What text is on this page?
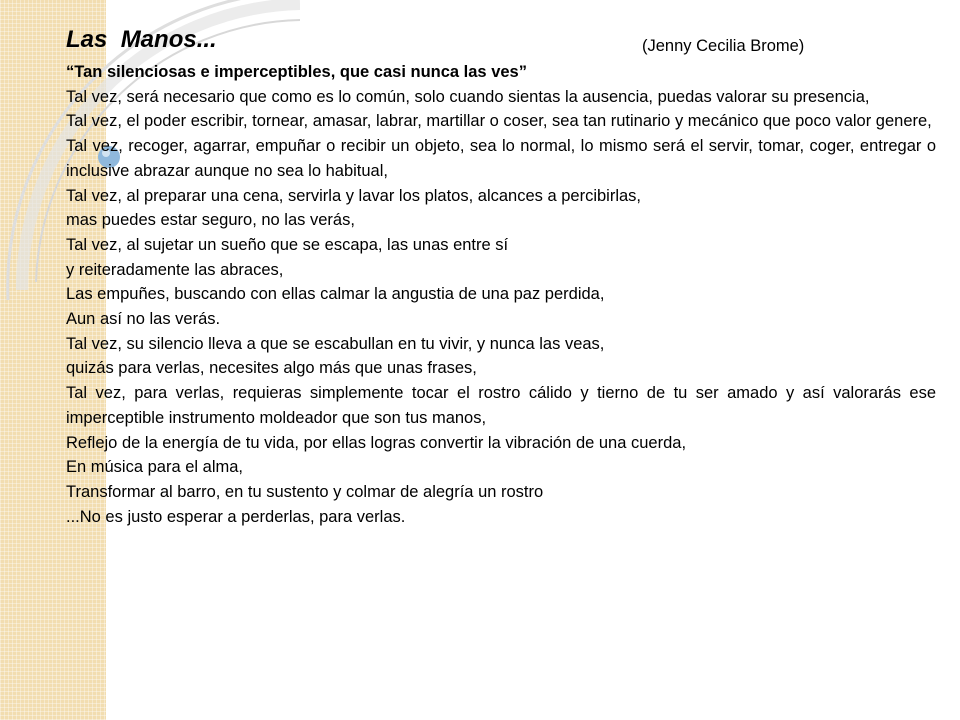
Las  Manos...	(Jenny Cecilia Brome)

“Tan silenciosas e imperceptibles, que casi nunca las ves”

Tal vez, será necesario que como es lo común, solo cuando sientas la ausencia, puedas valorar su presencia,

Tal vez, el poder escribir, tornear, amasar, labrar, martillar o coser, sea tan rutinario y mecánico que poco valor genere,

Tal vez, recoger, agarrar, empuñar o recibir un objeto, sea lo normal, lo mismo será el servir, tomar, coger, entregar o inclusive abrazar aunque no sea lo habitual,

Tal vez, al preparar una cena, servirla y lavar los platos, alcances a percibirlas,

mas puedes estar seguro, no las verás,

Tal vez, al sujetar un sueño que se escapa, las unas entre sí

y reiteradamente las abraces,

Las empuñes, buscando con ellas calmar la angustia de una paz perdida,

Aun así no las verás.

Tal vez, su silencio lleva a que se escabullan en tu vivir, y nunca las veas,

quizás para verlas, necesites algo más que unas frases,

Tal vez, para verlas, requieras simplemente tocar el rostro cálido y tierno de tu ser amado y así valorarás ese imperceptible instrumento moldeador que son tus manos,

Reflejo de la energía de tu vida, por ellas logras convertir la vibración de una cuerda,

En música para el alma,

Transformar al barro, en tu sustento y colmar de alegría un rostro

...No es justo esperar a perderlas, para verlas.
